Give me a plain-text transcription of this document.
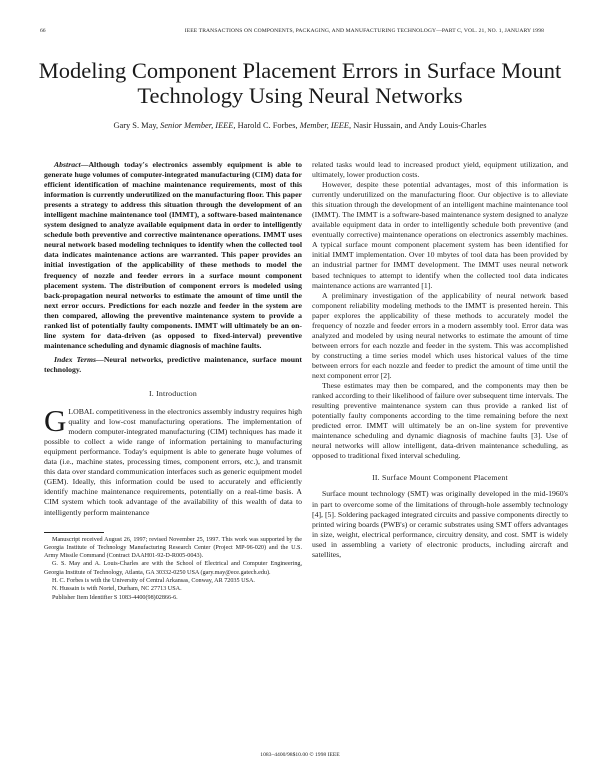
66	IEEE TRANSACTIONS ON COMPONENTS, PACKAGING, AND MANUFACTURING TECHNOLOGY—PART C, VOL. 21, NO. 1, JANUARY 1998
Modeling Component Placement Errors in Surface Mount Technology Using Neural Networks
Gary S. May, Senior Member, IEEE, Harold C. Forbes, Member, IEEE, Nasir Hussain, and Andy Louis-Charles

Abstract—Although today's electronics assembly equipment is able to generate huge volumes of computer-integrated manufacturing (CIM) data for efficient identification of machine maintenance requirements, most of this information is currently underutilized on the manufacturing floor. This paper presents a strategy to address this situation through the development of an intelligent machine maintenance tool (IMMT), a software-based maintenance system designed to analyze available equipment data in order to intelligently schedule both preventive and corrective maintenance operations. IMMT uses neural network based modeling techniques to identify when the collected tool data indicates maintenance actions are warranted. This paper provides an initial investigation of the applicability of these methods to model the frequency of nozzle and feeder errors in a surface mount component placement system. The distribution of component errors is modeled using back-propagation neural networks to estimate the amount of time until the next error occurs. Predictions for each nozzle and feeder in the system are then compared, allowing the preventive maintenance system to provide a ranked list of potentially faulty components. IMMT will ultimately be an on-line system for data-driven (as opposed to fixed-interval) preventive maintenance scheduling and dynamic diagnosis of machine faults.

Index Terms—Neural networks, predictive maintenance, surface mount technology.

I. Introduction

GLOBAL competitiveness in the electronics assembly industry requires high quality and low-cost manufacturing operations. The implementation of modern computer-integrated manufacturing (CIM) techniques has made it possible to collect a wide range of information pertaining to manufacturing equipment performance. Today's equipment is able to generate huge volumes of data (i.e., machine states, processing times, component errors, etc.), and transmit this data over standard communication interfaces such as generic equipment model (GEM). Ideally, this information could be used to accurately and efficiently identify machine maintenance requirements, potentially on a real-time basis. A CIM system which took advantage of the availability of this wealth of data to intelligently perform maintenance

Manuscript received August 26, 1997; revised November 25, 1997. This work was supported by the Georgia Institute of Technology Manufacturing Research Center (Project MP-96-020) and the U.S. Army Missile Command (Contract DAAH01-92-D-R005-0043).

G. S. May and A. Louis-Charles are with the School of Electrical and Computer Engineering, Georgia Institute of Technology, Atlanta, GA 30332-0250 USA (gary.may@ece.gatech.edu).

H. C. Forbes is with the University of Central Arkansas, Conway, AR 72035 USA.

N. Hussain is with Nortel, Durham, NC 27713 USA.

Publisher Item Identifier S 1083-4400(98)02866-6.

related tasks would lead to increased product yield, equipment utilization, and ultimately, lower production costs.

However, despite these potential advantages, most of this information is currently underutilized on the manufacturing floor. Our objective is to alleviate this situation through the development of an intelligent machine maintenance tool (IMMT). The IMMT is a software-based maintenance system designed to analyze available equipment data in order to intelligently schedule both preventive (and eventually corrective) maintenance operations on electronics assembly machines. A typical surface mount component placement system has been identified for initial IMMT implementation. Over 10 mbytes of tool data has been provided by an industrial partner for IMMT development. The IMMT uses neural network based techniques to attempt to identify when the collected tool data indicates maintenance actions are warranted [1].

A preliminary investigation of the applicability of neural network based component reliability modeling methods to the IMMT is presented herein. This paper explores the applicability of these methods to accurately model the frequency of nozzle and feeder errors in a modern assembly tool. Error data was analyzed and modeled by using neural networks to estimate the amount of time between errors for each nozzle and feeder in the system. This was accomplished by constructing a time series model which uses historical values of the time between errors for each nozzle and feeder to predict the amount of time until the next component error [2].

These estimates may then be compared, and the components may then be ranked according to their likelihood of failure over subsequent time intervals. The resulting preventive maintenance system can thus provide a ranked list of potentially faulty components according to the time remaining before the next predicted error. IMMT will ultimately be an on-line system for preventive maintenance scheduling and dynamic diagnosis of machine faults [3]. Use of neural networks will allow intelligent, data-driven maintenance scheduling, as opposed to traditional fixed interval scheduling.

II. Surface Mount Component Placement

Surface mount technology (SMT) was originally developed in the mid-1960's in part to overcome some of the limitations of through-hole assembly technology [4], [5]. Soldering packaged integrated circuits and passive components directly to printed wiring boards (PWB's) or ceramic substrates using SMT offers advantages in size, weight, electrical performance, circuitry density, and cost. SMT is widely used in assembling a variety of electronic products, including aircraft and satellites,

1083–4400/98$10.00 © 1998 IEEE
